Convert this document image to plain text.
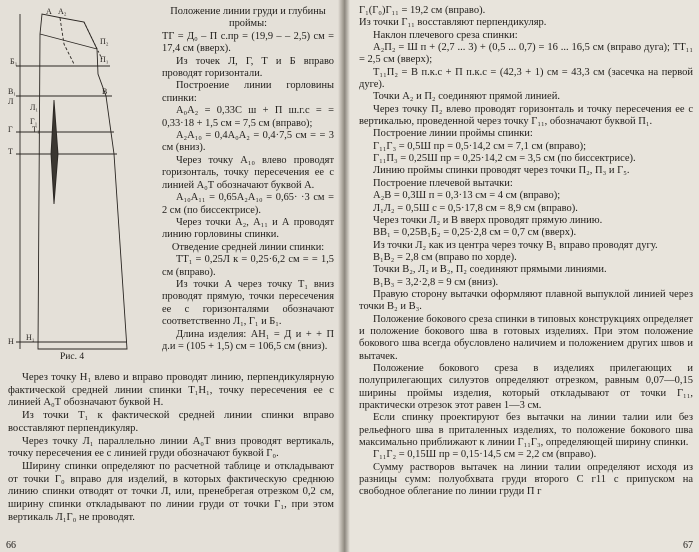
А₂
Б₁
П₂
П₁
В₁
Т₁
Л₁
Н₁
А
В
Г₁
Г
Т
Л
Н
Рис. 4

Положение линии груди и глубины проймы:

ТГ = Д₀ – П с.пр = (19,9 – – 2,5) см = 17,4 см (вверх).

Из точек Л, Г, Т и Б вправо проводят горизонтали.

Построение линии горловины спинки:

А₀А₂ = 0,33С ш + П ш.г.с = = 0,33·18 + 1,5 см = 7,5 см (вправо);

А₂А₁₀ = 0,4А₀А₂ = 0,4·7,5 см = = 3 см (вниз).

Через точку А₁₀ влево проводят горизонталь, точку пересечения ее с линией А₀Т обозначают буквой А.

А₁₀А₁₁ = 0,65А₂А₁₀ = 0,65· ·3 см = 2 см (по биссектрисе).

Через точки А₂, А₁₁ и А проводят линию горловины спинки.

Отведение средней линии спинки:

ТТ₁ = 0,25Л к = 0,25·6,2 см = = 1,5 см (вправо).

Из точки А через точку Т₁ вниз проводят прямую, точки пересечения ее с горизонталями обозначают соответственно Л₁, Г₁ и Б₁.

Длина изделия: АН₁ = Д и + + П д.и = (105 + 1,5) см = 106,5 см (вниз).

Через точку Н₁ влево и вправо проводят линию, перпендикулярную фактической средней линии спинки Т₁Н₁, точку пересечения ее с линией А₀Т обозначают буквой Н.

Из точки Т₁ к фактической средней линии спинки вправо восставляют перпендикуляр.

Через точку Л₁ параллельно линии А₀Т вниз проводят вертикаль, точку пересечения ее с линией груди обозначают буквой Г₀.

Ширину спинки определяют по расчетной таблице и откладывают от точки Г₀ вправо для изделий, в которых фактическую среднюю линию спинки отводят от точки Л, или, пренебрегая отрезком 0,2 см, ширину спинки откладывают по линии груди от точки Г₁, при этом вертикаль Л₁Г₀ не проводят.

66

Г₁(Г₀)Г₁₁ = 19,2 см (вправо).

Из точки Г₁₁ восставляют перпендикуляр.

Наклон плечевого среза спинки:

А₂П₂ = Ш п + (2,7 ... 3) + (0,5 ... 0,7) = 16 ... 16,5 см (вправо дуга); ТТ₁₁ = 2,5 см (вверх);

Т₁₁П₂ = В п.к.с + П п.к.с = (42,3 + 1) см = 43,3 см (засечка на первой дуге).

Точки А₂ и П₂ соединяют прямой линией.

Через точку П₂ влево проводят горизонталь и точку пересечения ее с вертикалью, проведенной через точку Г₁₁, обозначают буквой П₁.

Построение линии проймы спинки:

Г₁₁Г₃ = 0,5Ш пр = 0,5·14,2 см = 7,1 см (вправо);

Г₁₁П₃ = 0,25Ш пр = 0,25·14,2 см = 3,5 см (по биссектрисе).

Линию проймы спинки проводят через точки П₂, П₃ и Г₅.

Построение плечевой вытачки:

А₂В = 0,3Ш п = 0,3·13 см = 4 см (вправо);

Л₁Л₂ = 0,5Ш с = 0,5·17,8 см = 8,9 см (вправо).

Через точки Л₂ и В вверх проводят прямую линию.

ВВ₁ = 0,25В₁Б₂ = 0,25·2,8 см = 0,7 см (вверх).

Из точки Л₂ как из центра через точку В₁ вправо проводят дугу.

В₁В₂ = 2,8 см (вправо по хорде).

Точки В₂, Л₂ и В₂, П₂ соединяют прямыми линиями.

В₁В₃ = 3,2·2,8 = 9 см (вниз).

Правую сторону вытачки оформляют плавной выпуклой линией через точки В₂ и В₃.

Положение бокового среза спинки в типовых конструкциях определяет и положение бокового шва в готовых изделиях. При этом положение бокового шва всегда обусловлено наличием и положением других швов и вытачек.

Положение бокового среза в изделиях прилегающих и полуприлегающих силуэтов определяют отрезком, равным 0,07—0,15 ширины проймы изделия, который откладывают от точки Г₁₁, практически отрезок этот равен 1—3 см.

Если спинку проектируют без вытачки на линии талии или без рельефного шва в приталенных изделиях, то положение бокового шва максимально приближают к линии Г₁₁Г₃, определяющей ширину спинки.

Г₁₁Г₂ = 0,15Ш пр = 0,15·14,5 см = 2,2 см (вправо).

Сумму растворов вытачек на линии талии определяют исходя из разницы сумм: полуобхвата груди второго С г11 с припуском на свободное облегание по линии груди П г

67
